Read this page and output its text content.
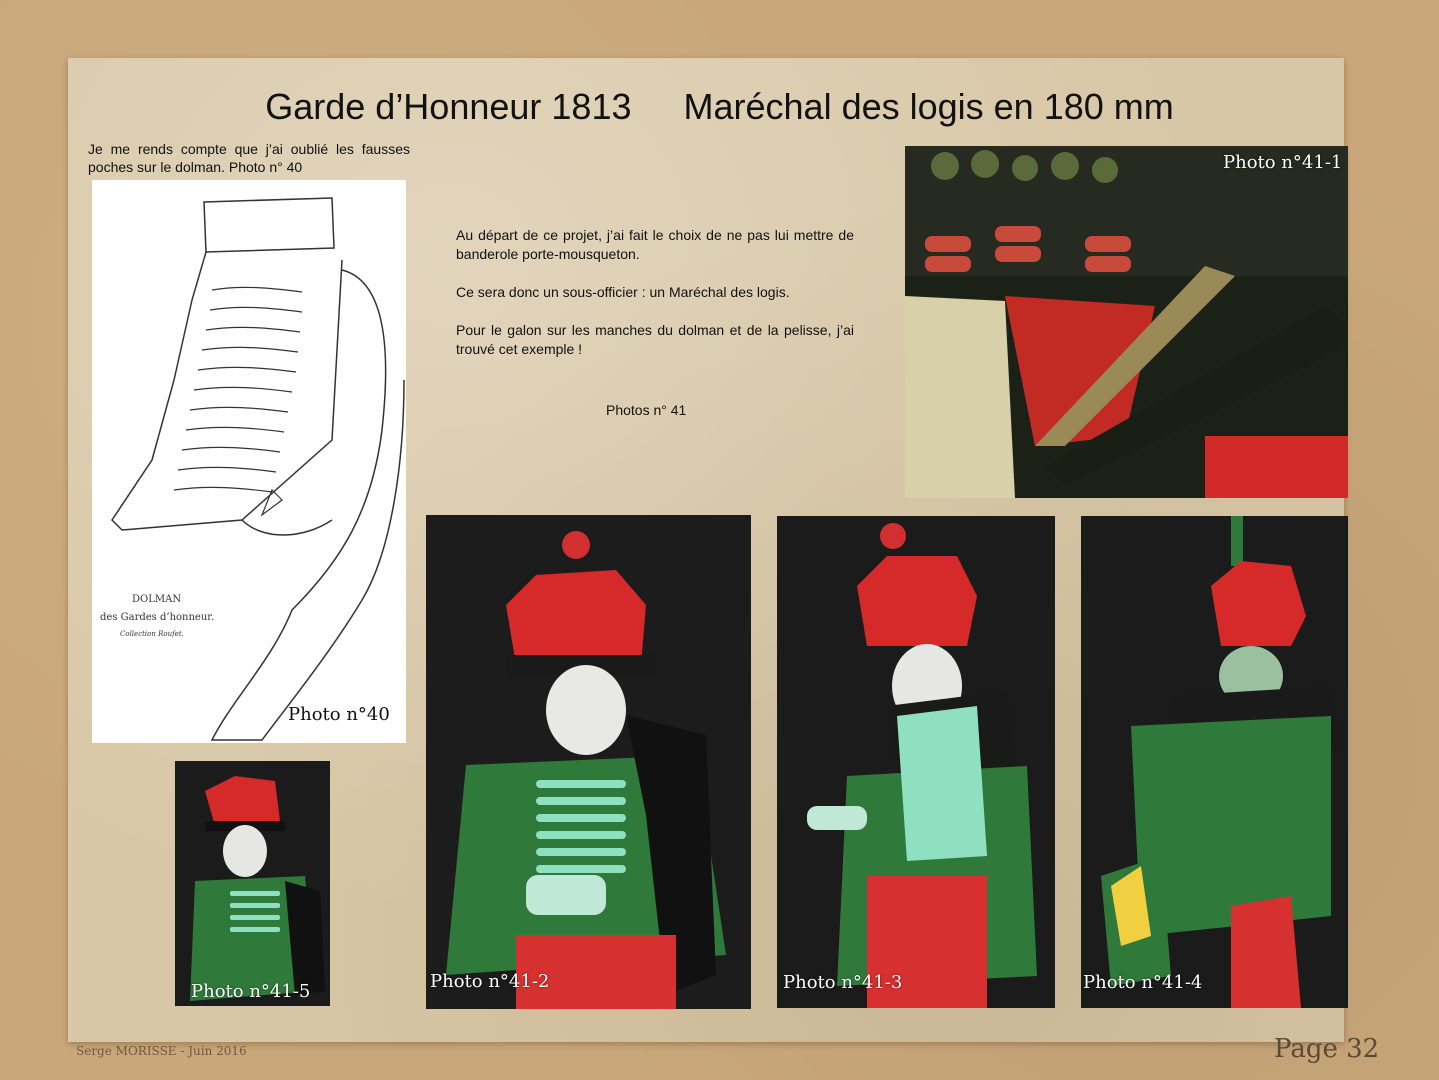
Garde d’Honneur 1813 Maréchal des logis en 180 mm
Je me rends compte que j’ai oublié les fausses poches sur le dolman. Photo n° 40

Au départ de ce projet, j’ai fait le choix de ne pas lui mettre de banderole porte-mousqueton.

Ce sera donc un sous-officier : un Maréchal des logis.

Pour le galon sur les manches du dolman et de la pelisse, j’ai trouvé cet exemple !

Photos n° 41
DOLMAN
des Gardes d’honneur.
Collection Roufet.
Photo n°40
Photo n°41-1
Photo n°41-2	Photo n°41-3	Photo n°41-4
Photo n°41-5
Serge MORISSE - Juin 2016	Page 32
